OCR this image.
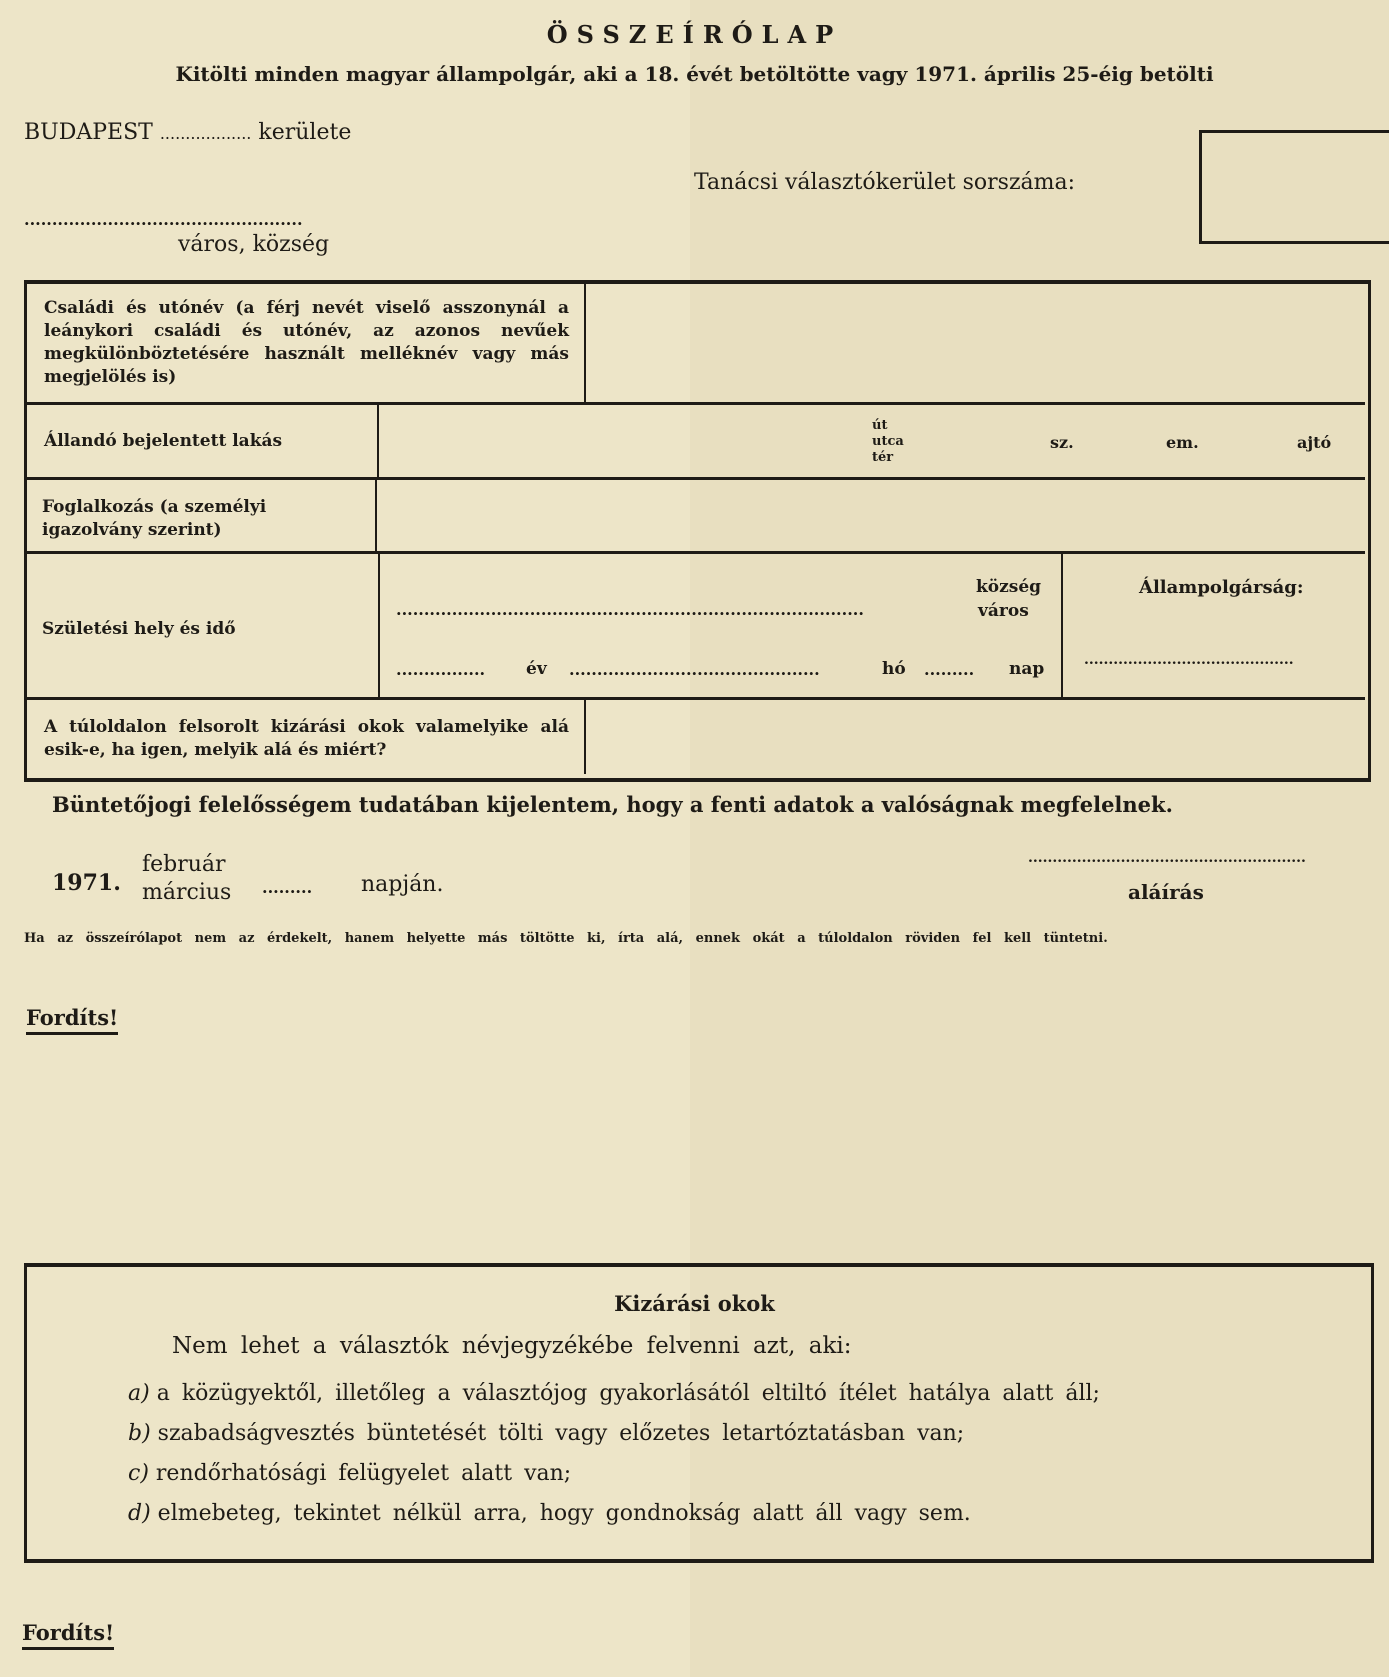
ÖSSZEÍRÓLAP
Kitölti minden magyar állampolgár, aki a 18. évét betöltötte vagy 1971. április 25-éig betölti
BUDAPEST .................. kerülete
Tanácsi választókerület sorszáma:
..................................................
város, község
Családi és utónév (a férj nevét viselő asszonynál a leánykori családi és utónév, az azonos nevűek megkülönböztetésére használt melléknév vagy más megjelölés is)
Állandó bejelentett lakás
út
utca
tér
sz.	em.	ajtó
Foglalkozás (a személyi igazolvány szerint)
Születési hely és idő
község
város
....................................................................................
................ év .............................................	hó ......... nap
Állampolgárság:
...........................................
A túloldalon felsorolt kizárási okok valamelyike alá esik-e, ha igen, melyik alá és miért?
Büntetőjogi felelősségem tudatában kijelentem, hogy a fenti adatok a valóságnak megfelelnek.
1971.
február
március ......... napján.
.........................................................
aláírás
Ha az összeírólapot nem az érdekelt, hanem helyette más töltötte ki, írta alá, ennek okát a túloldalon röviden fel kell tüntetni.
Fordíts!
Kizárási okok
Nem lehet a választók névjegyzékébe felvenni azt, aki:
a) a közügyektől, illetőleg a választójog gyakorlásától eltiltó ítélet hatálya alatt áll;
b) szabadságvesztés büntetését tölti vagy előzetes letartóztatásban van;
c) rendőrhatósági felügyelet alatt van;
d) elmebeteg, tekintet nélkül arra, hogy gondnokság alatt áll vagy sem.
Fordíts!
